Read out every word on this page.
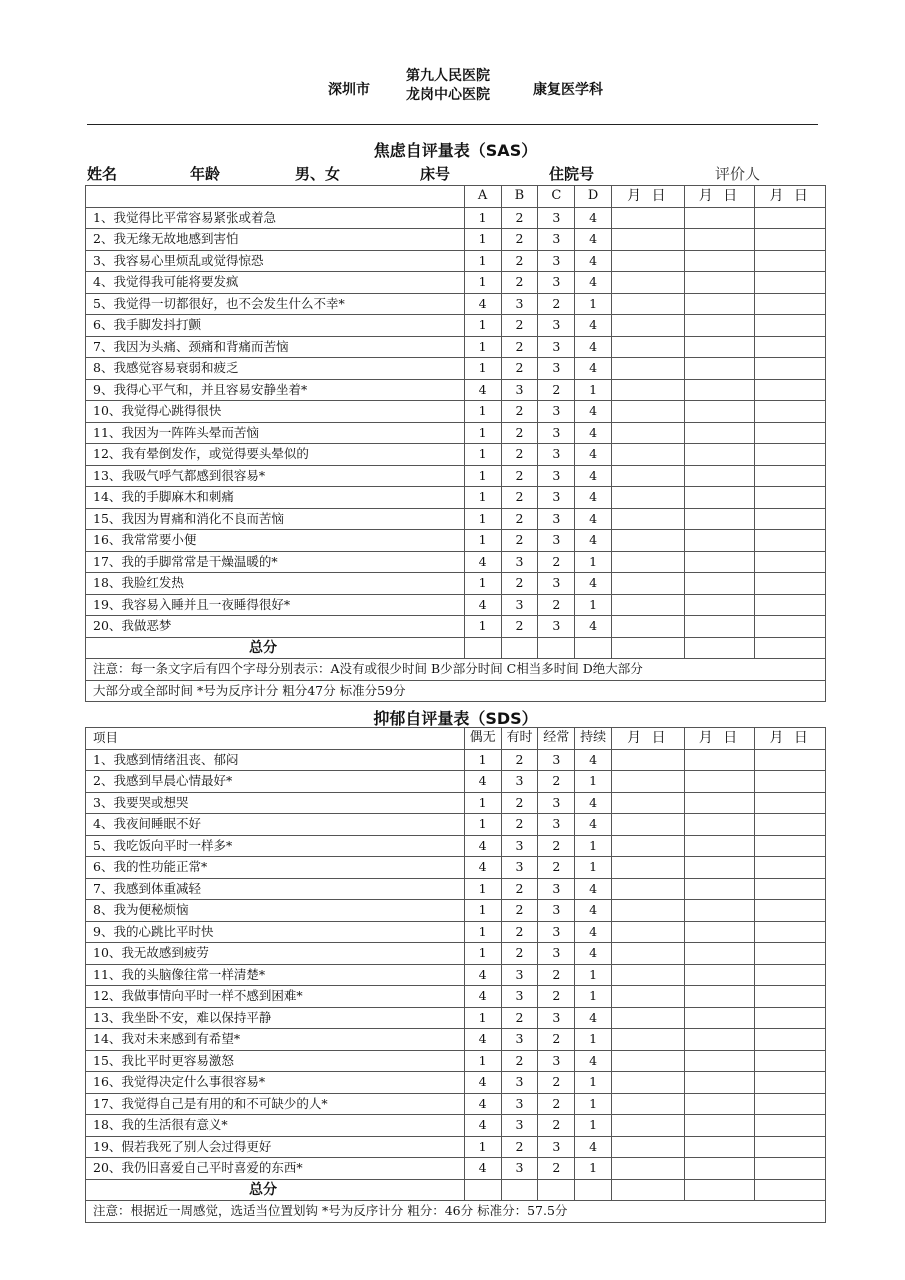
深圳市
第九人民医院
龙岗中心医院	康复医学科
焦虑自评量表（SAS）
姓名	年龄	男、女	床号	住院号	评价人
	A	B	C	D	月 日	月 日	月 日
1、我觉得比平常容易紧张或着急	1	2	3	4			
2、我无缘无故地感到害怕	1	2	3	4			
3、我容易心里烦乱或觉得惊恐	1	2	3	4			
4、我觉得我可能将要发疯	1	2	3	4			
5、我觉得一切都很好，也不会发生什么不幸*	4	3	2	1			
6、我手脚发抖打颤	1	2	3	4			
7、我因为头痛、颈痛和背痛而苦恼	1	2	3	4			
8、我感觉容易衰弱和疲乏	1	2	3	4			
9、我得心平气和，并且容易安静坐着*	4	3	2	1			
10、我觉得心跳得很快	1	2	3	4			
11、我因为一阵阵头晕而苦恼	1	2	3	4			
12、我有晕倒发作，或觉得要头晕似的	1	2	3	4			
13、我吸气呼气都感到很容易*	1	2	3	4			
14、我的手脚麻木和刺痛	1	2	3	4			
15、我因为胃痛和消化不良而苦恼	1	2	3	4			
16、我常常要小便	1	2	3	4			
17、我的手脚常常是干燥温暖的*	4	3	2	1			
18、我脸红发热	1	2	3	4			
19、我容易入睡并且一夜睡得很好*	4	3	2	1			
20、我做恶梦	1	2	3	4			
总分							
注意：每一条文字后有四个字母分别表示：A没有或很少时间 B少部分时间 C相当多时间 D绝大部分							
大部分或全部时间 *号为反序计分 粗分47分 标准分59分							
抑郁自评量表（SDS）
项目	偶无	有时	经常	持续	月 日	月 日	月 日
1、我感到情绪沮丧、郁闷	1	2	3	4			
2、我感到早晨心情最好*	4	3	2	1			
3、我要哭或想哭	1	2	3	4			
4、我夜间睡眠不好	1	2	3	4			
5、我吃饭向平时一样多*	4	3	2	1			
6、我的性功能正常*	4	3	2	1			
7、我感到体重减轻	1	2	3	4			
8、我为便秘烦恼	1	2	3	4			
9、我的心跳比平时快	1	2	3	4			
10、我无故感到疲劳	1	2	3	4			
11、我的头脑像往常一样清楚*	4	3	2	1			
12、我做事情向平时一样不感到困难*	4	3	2	1			
13、我坐卧不安，难以保持平静	1	2	3	4			
14、我对未来感到有希望*	4	3	2	1			
15、我比平时更容易激怒	1	2	3	4			
16、我觉得决定什么事很容易*	4	3	2	1			
17、我觉得自己是有用的和不可缺少的人*	4	3	2	1			
18、我的生活很有意义*	4	3	2	1			
19、假若我死了别人会过得更好	1	2	3	4			
20、我仍旧喜爱自己平时喜爱的东西*	4	3	2	1			
总分							
注意：根据近一周感觉，选适当位置划钩 *号为反序计分 粗分：46分 标准分：57.5分							
